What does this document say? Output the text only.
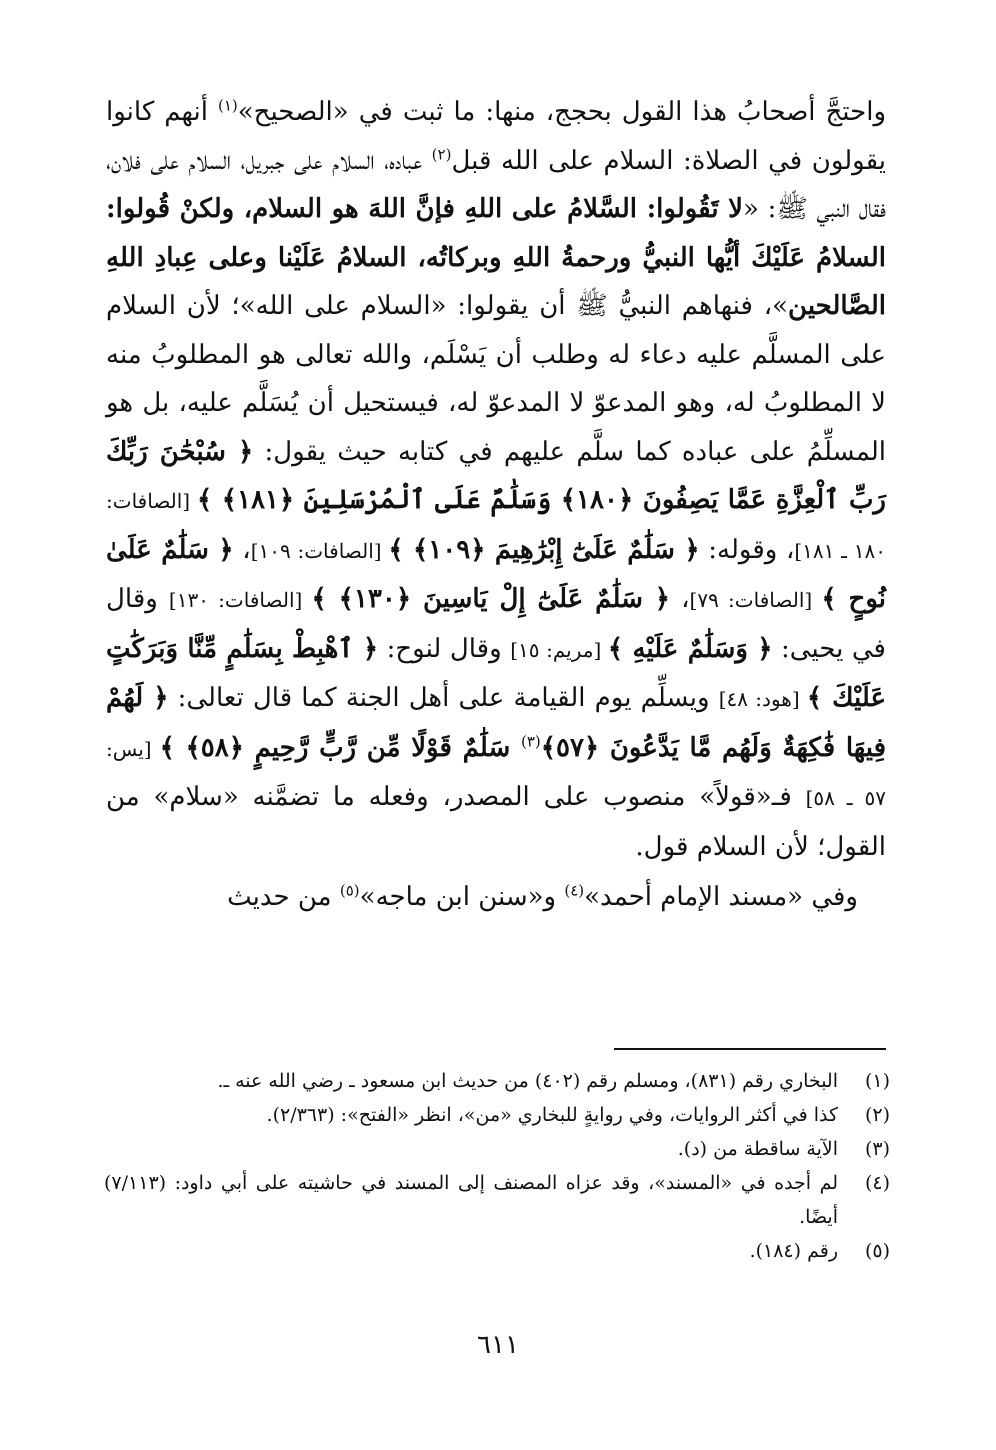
واحتجَّ أصحابُ هذا القول بحجج، منها: ما ثبت في «الصحيح»$^{(١)}$ أنهم كانوا يقولون في الصلاة: السلام على الله قبل$^{(٢)}$ عباده، السلام على جبريل، السلام على فلان، فقال النبي ﷺ: «لا تَقُولوا: السَّلامُ على اللهِ فإنَّ اللهَ هو السلام، ولكنْ قُولوا: السلامُ عَلَيْكَ أيُّها النبيُّ ورحمةُ اللهِ وبركاتُه، السلامُ عَلَيْنا وعلى عِبادِ اللهِ الصَّالحين»، فنهاهم النبيُّ ﷺ أن يقولوا: «السلام على الله»؛ لأن السلام على المسلَّم عليه دعاء له وطلب أن يَسْلَم، والله تعالى هو المطلوبُ منه لا المطلوبُ له، وهو المدعوّ لا المدعوّ له، فيستحيل أن يُسَلَّم عليه، بل هو المسلِّمُ على عباده كما سلَّم عليهم في كتابه حيث يقول: ﴿ سُبْحَٰنَ رَبِّكَ رَبِّ ٱلْعِزَّةِ عَمَّا يَصِفُونَ ﴿١٨٠﴾ وَسَلَٰمٌ عَلَى ٱلْمُرْسَلِينَ ﴿١٨١﴾ ﴾ [الصافات: ١٨٠ ـ ١٨١]، وقوله: ﴿ سَلَٰمٌ عَلَىٰٓ إِبْرَٰهِيمَ ﴿١٠٩﴾ ﴾ [الصافات: ١٠٩]، ﴿ سَلَٰمٌ عَلَىٰ نُوحٍ ﴾ [الصافات: ٧٩]، ﴿ سَلَٰمٌ عَلَىٰٓ إِلْ يَاسِينَ ﴿١٣٠﴾ ﴾ [الصافات: ١٣٠] وقال في يحيى: ﴿ وَسَلَٰمٌ عَلَيْهِ ﴾ [مريم: ١٥] وقال لنوح: ﴿ ٱهْبِطْ بِسَلَٰمٍ مِّنَّا وَبَرَكَٰتٍ عَلَيْكَ ﴾ [هود: ٤٨] ويسلِّم يوم القيامة على أهل الجنة كما قال تعالى: ﴿ لَهُمْ فِيهَا فَٰكِهَةٌ وَلَهُم مَّا يَدَّعُونَ ﴿٥٧﴾$^{(٣)}$ سَلَٰمٌ قَوْلًا مِّن رَّبٍّ رَّحِيمٍ ﴿٥٨﴾ ﴾ [يس: ٥٧ ـ ٥٨] فـ«قولاً» منصوب على المصدر، وفعله ما تضمَّنه «سلام» من القول؛ لأن السلام قول.

وفي «مسند الإمام أحمد»$^{(٤)}$ و«سنن ابن ماجه»$^{(٥)}$ من حديث

(١)
البخاري رقم (٨٣١)، ومسلم رقم (٤٠٢) من حديث ابن مسعود ـ رضي الله عنه ـ.
(٢)
كذا في أكثر الروايات، وفي روايةٍ للبخاري «من»، انظر «الفتح»: (٢/٣٦٣).
(٣)
الآية ساقطة من (د).
(٤)
لم أجده في «المسند»، وقد عزاه المصنف إلى المسند في حاشيته على أبي داود: (٧/١١٣) أيضًا.
(٥)
رقم (١٨٤).
٦١١
